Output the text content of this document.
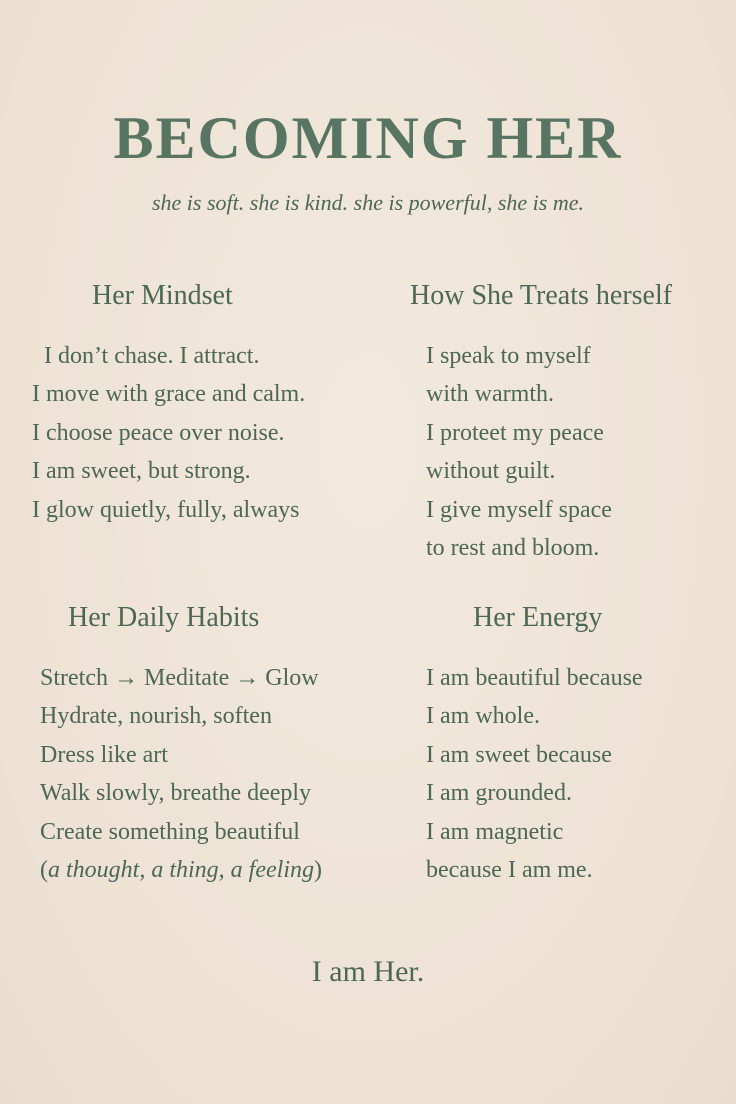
BECOMING HER

she is soft. she is kind. she is powerful, she is me.

Her Mindset
I don’t chase. I attract.
I move with grace and calm.
I choose peace over noise.
I am sweet, but strong.
I glow quietly, fully, always
How She Treats herself
I speak to myself
with warmth.
I proteet my peace
without guilt.
I give myself space
to rest and bloom.
Her Daily Habits
Stretch → Meditate → Glow
Hydrate, nourish, soften
Dress like art
Walk slowly, breathe deeply
Create something beautiful
(a thought, a thing, a feeling)
Her Energy
I am beautiful because
I am whole.
I am sweet because
I am grounded.
I am magnetic
because I am me.

I am Her.
